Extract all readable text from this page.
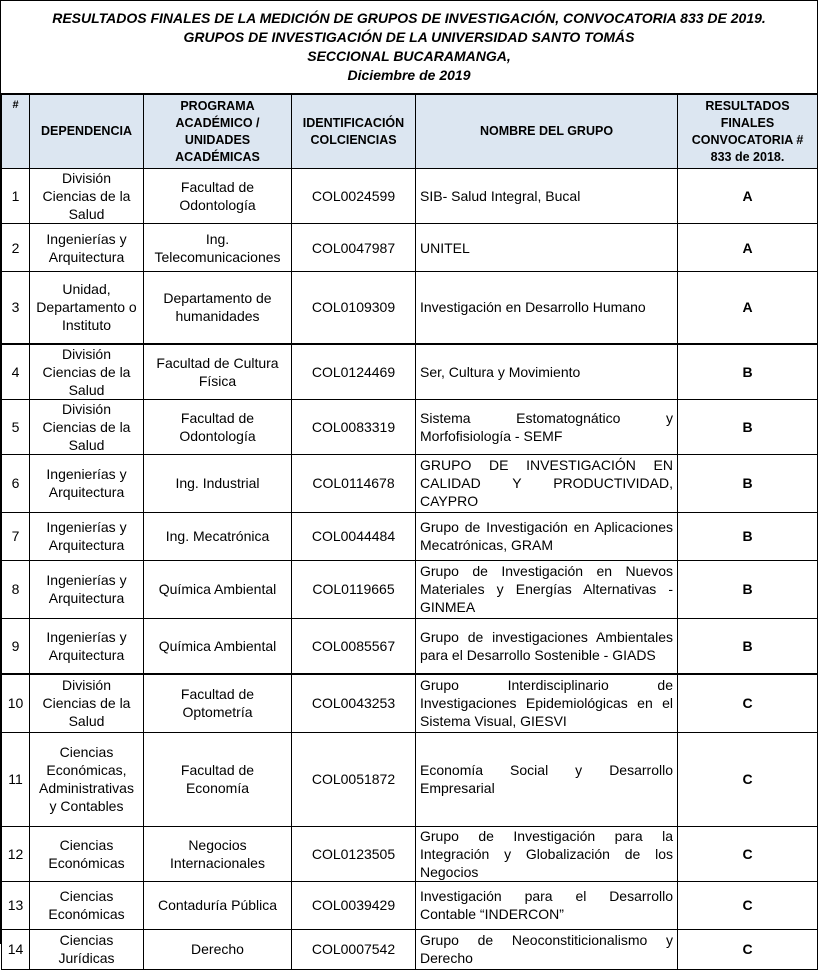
RESULTADOS FINALES DE LA MEDICIÓN DE GRUPOS DE INVESTIGACIÓN, CONVOCATORIA 833 DE 2019.
GRUPOS DE INVESTIGACIÓN DE LA UNIVERSIDAD SANTO TOMÁS
SECCIONAL BUCARAMANGA,
Diciembre de 2019
#	DEPENDENCIA	PROGRAMA ACADÉMICO / UNIDADES ACADÉMICAS	IDENTIFICACIÓN COLCIENCIAS	NOMBRE DEL GRUPO	RESULTADOS FINALES CONVOCATORIA # 833 de 2018.
1	División Ciencias de la Salud	Facultad de Odontología	COL0024599	SIB- Salud Integral, Bucal	A
2	Ingenierías y Arquitectura	Ing. Telecomunicaciones	COL0047987	UNITEL	A
3	Unidad, Departamento o Instituto	Departamento de humanidades	COL0109309	Investigación en Desarrollo Humano	A
4	División Ciencias de la Salud	Facultad de Cultura Física	COL0124469	Ser, Cultura y Movimiento	B
5	División Ciencias de la Salud	Facultad de Odontología	COL0083319	Sistema Estomatognático y Morfofisiología - SEMF	B
6	Ingenierías y Arquitectura	Ing. Industrial	COL0114678	GRUPO DE INVESTIGACIÓN EN CALIDAD Y PRODUCTIVIDAD, CAYPRO	B
7	Ingenierías y Arquitectura	Ing. Mecatrónica	COL0044484	Grupo de Investigación en Aplicaciones Mecatrónicas, GRAM	B
8	Ingenierías y Arquitectura	Química Ambiental	COL0119665	Grupo de Investigación en Nuevos Materiales y Energías Alternativas - GINMEA	B
9	Ingenierías y Arquitectura	Química Ambiental	COL0085567	Grupo de investigaciones Ambientales para el Desarrollo Sostenible - GIADS	B
10	División Ciencias de la Salud	Facultad de Optometría	COL0043253	Grupo Interdisciplinario de Investigaciones Epidemiológicas en el Sistema Visual, GIESVI	C
11	Ciencias Económicas, Administrativas y Contables	Facultad de Economía	COL0051872	Economía Social y Desarrollo Empresarial	C
12	Ciencias Económicas	Negocios Internacionales	COL0123505	Grupo de Investigación para la Integración y Globalización de los Negocios	C
13	Ciencias Económicas	Contaduría Pública	COL0039429	Investigación para el Desarrollo Contable “INDERCON”	C
14	Ciencias Jurídicas	Derecho	COL0007542	Grupo de Neoconstiticionalismo y Derecho	C
